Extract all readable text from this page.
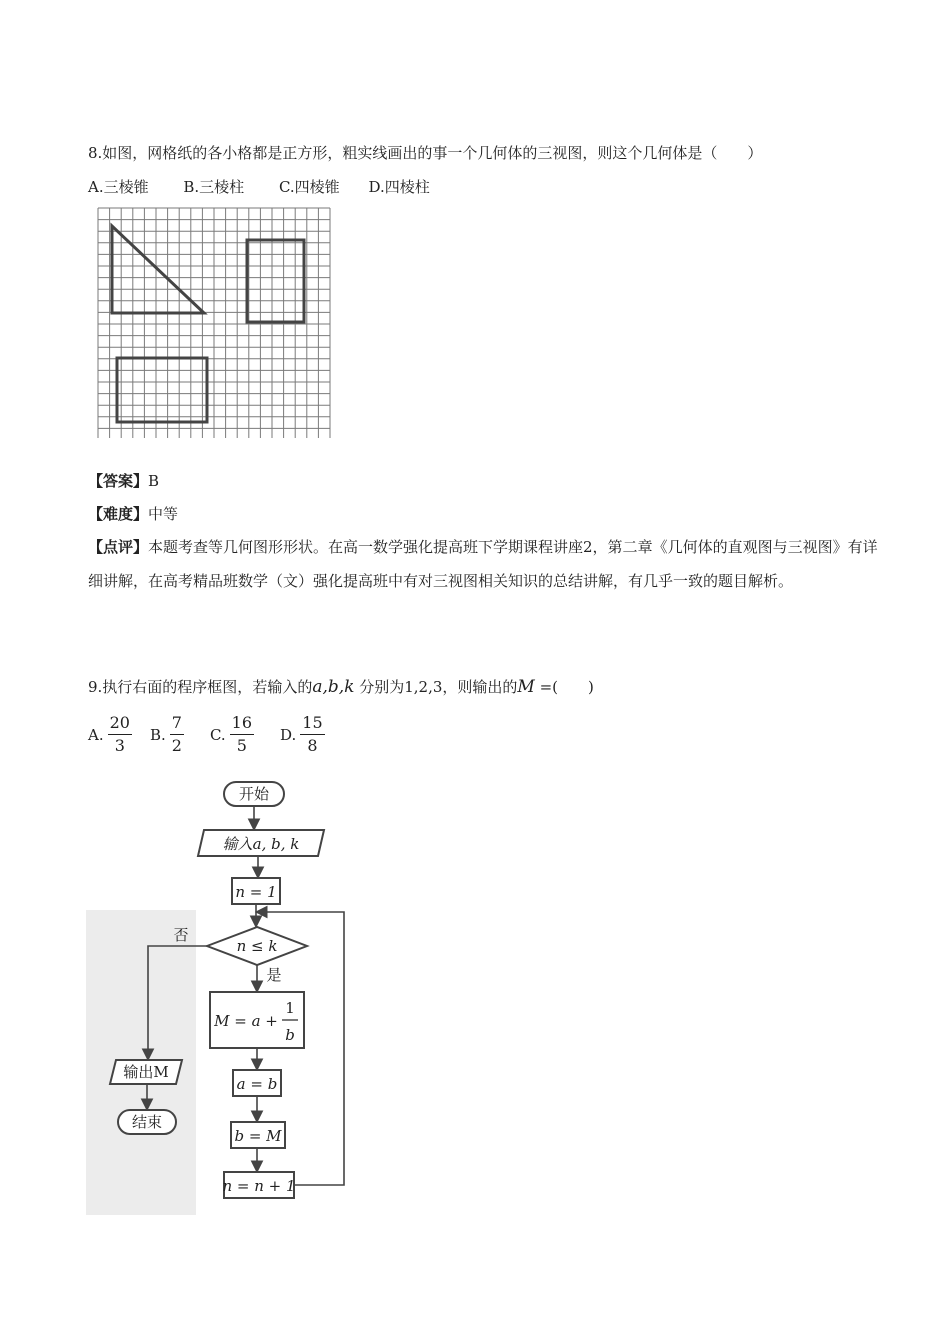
8.如图，网格纸的各小格都是正方形，粗实线画出的事一个几何体的三视图，则这个几何体是（　　）
A.三棱锥 B.三棱柱 C.四棱锥 D.四棱柱
【答案】B
【难度】中等
【点评】本题考查等几何图形形状。在高一数学强化提高班下学期课程讲座2，第二章《几何体的直观图与三视图》有详细讲解，在高考精品班数学（文）强化提高班中有对三视图相关知识的总结讲解，有几乎一致的题目解析。
9.执行右面的程序框图，若输入的a,b,k 分别为1,2,3，则输出的M =(　　)
A. $\frac{20}{3} B$. $\frac{7}{2} C$. $\frac{16}{5} D$. $\frac{15}{8}$
开始
输入a, b, k
n = 1
n ≤ k
否
是
M = a +
1
b
a = b
b = M
n = n + 1
输出M
结束
